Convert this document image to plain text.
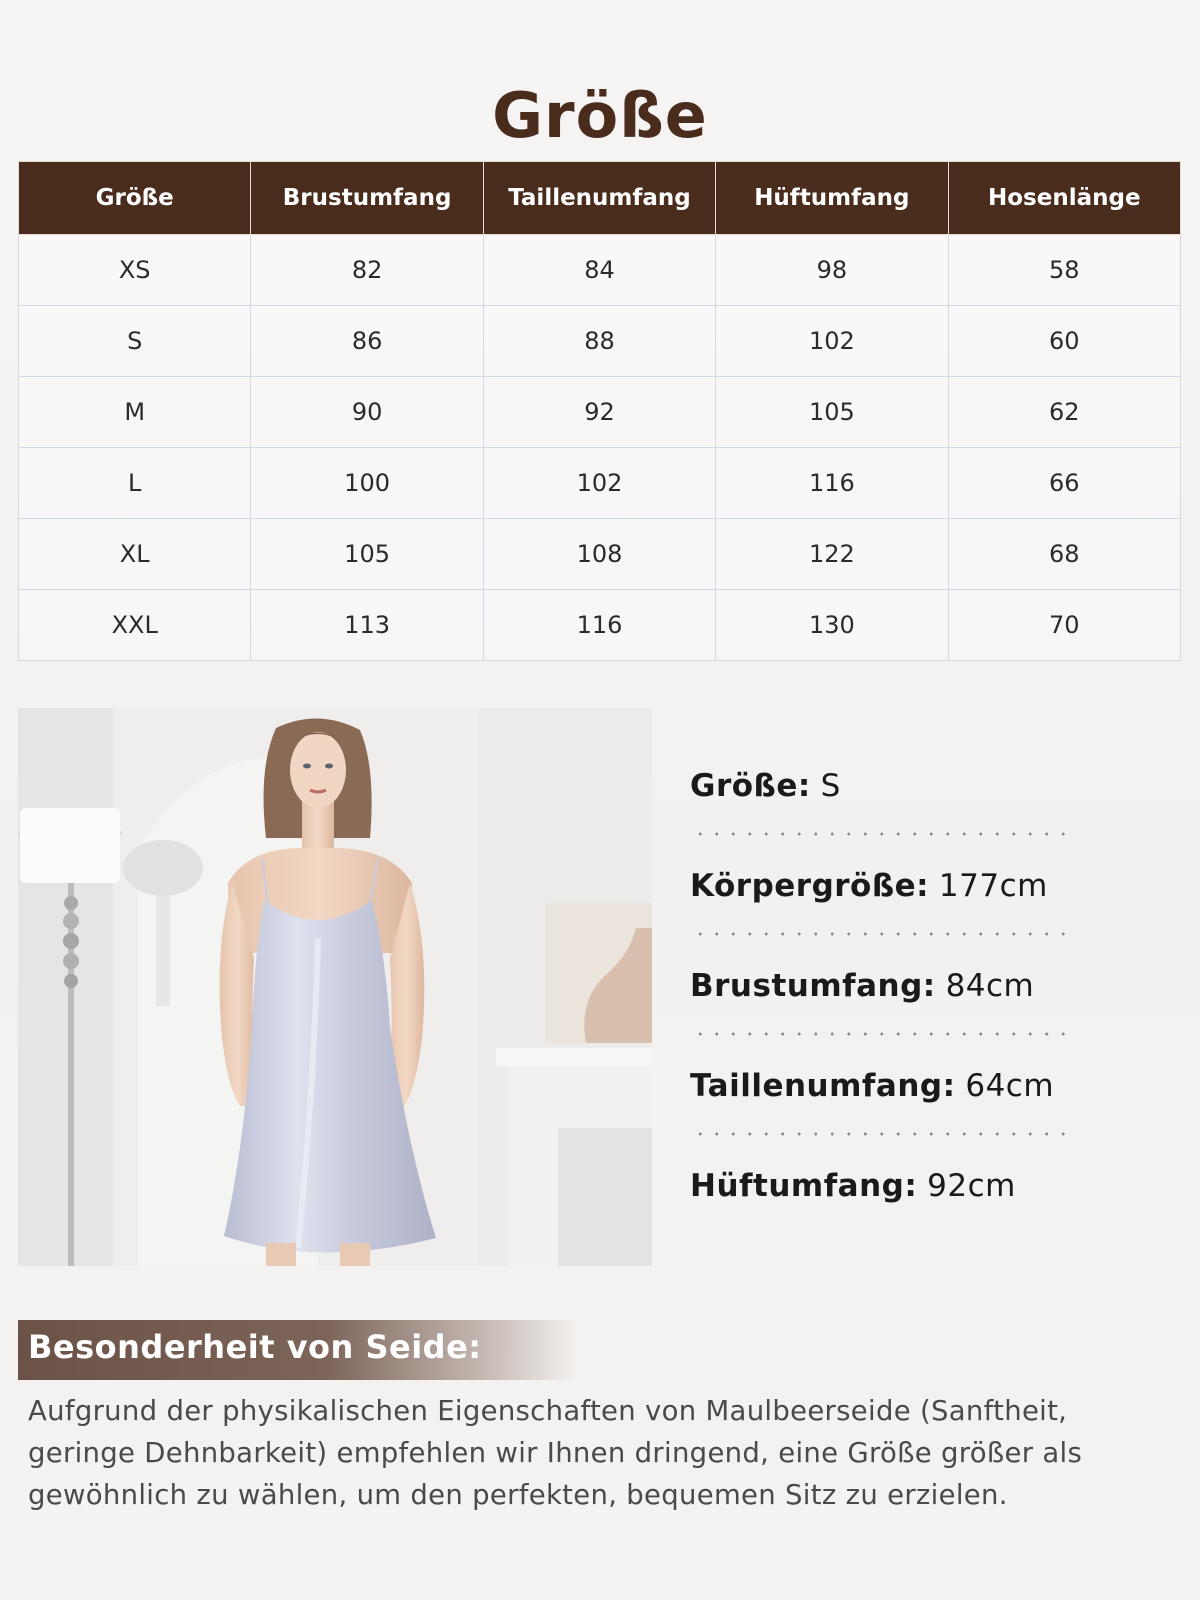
Größe
Größe	Brustumfang	Taillenumfang	Hüftumfang	Hosenlänge
XS	82	84	98	58
S	86	88	102	60
M	90	92	105	62
L	100	102	116	66
XL	105	108	122	68
XXL	113	116	130	70
Größe: S
Körpergröße: 177cm
Brustumfang: 84cm
Taillenumfang: 64cm
Hüftumfang: 92cm
Besonderheit von Seide:
Aufgrund der physikalischen Eigenschaften von Maulbeerseide (Sanftheit, geringe Dehnbarkeit) empfehlen wir Ihnen dringend, eine Größe größer als gewöhnlich zu wählen, um den perfekten, bequemen Sitz zu erzielen.
